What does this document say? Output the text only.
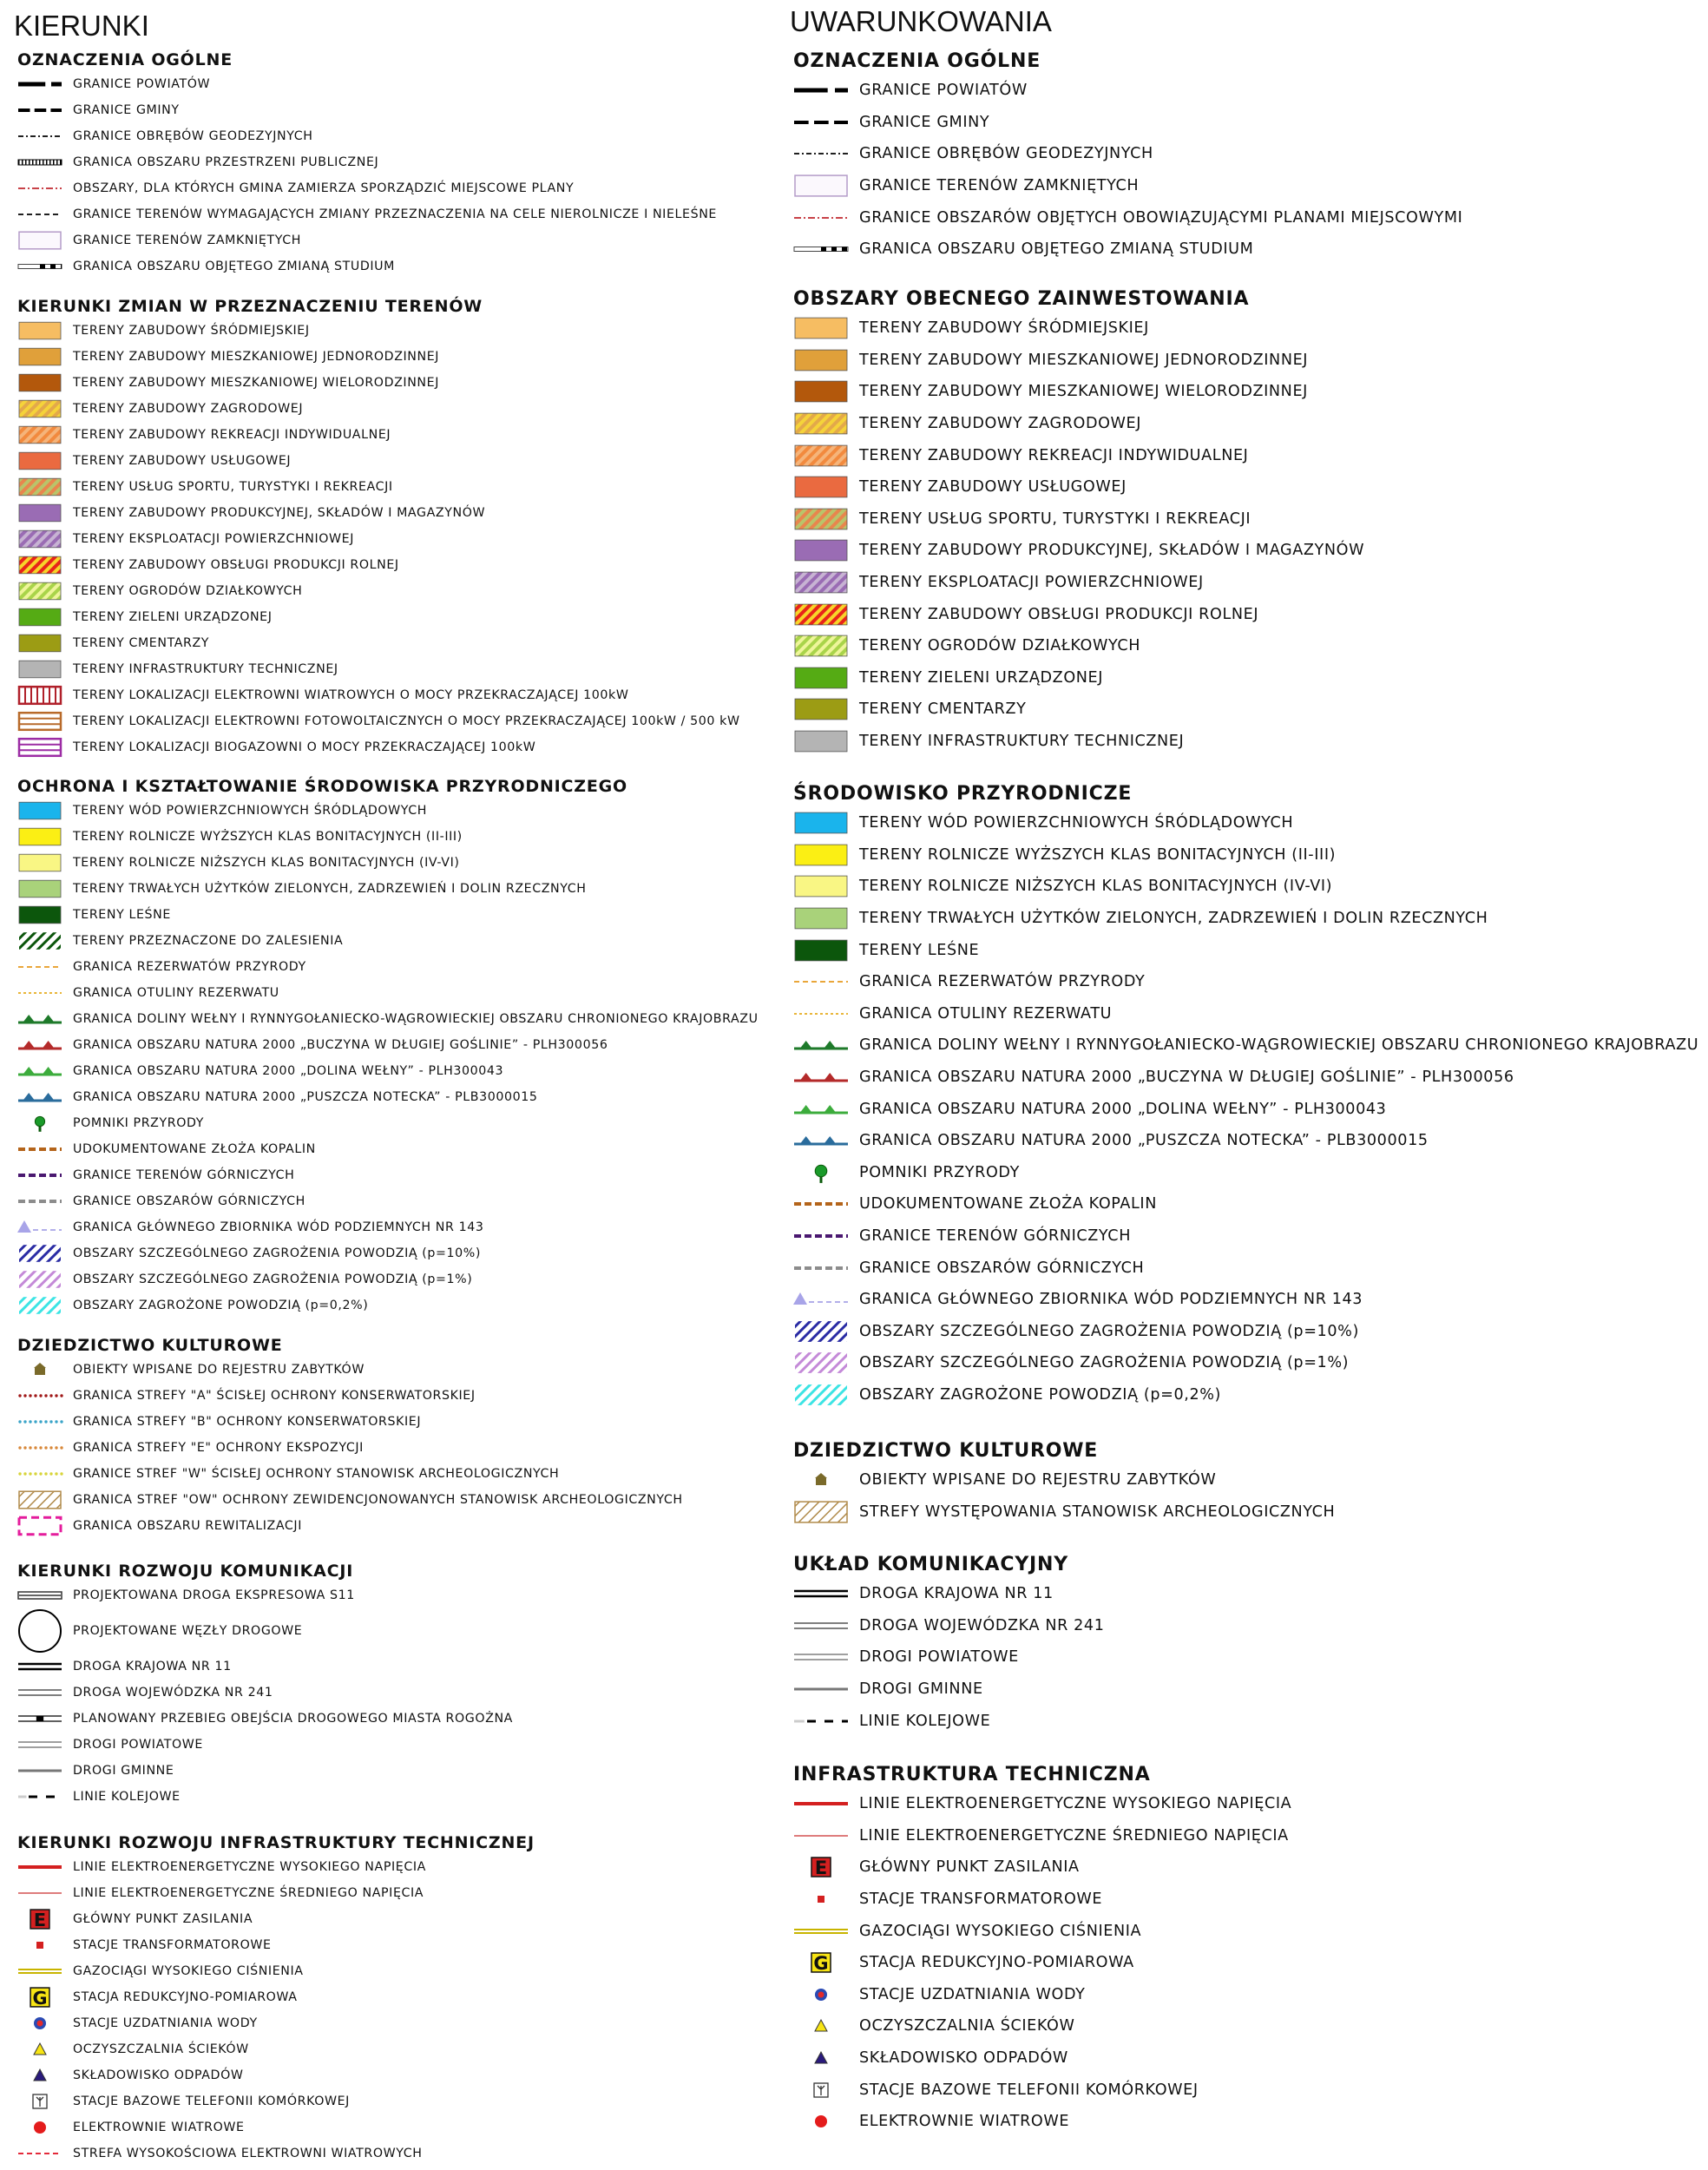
KIERUNKI
OZNACZENIA OGÓLNE
GRANICE POWIATÓW
GRANICE GMINY
GRANICE OBRĘBÓW GEODEZYJNYCH
GRANICA OBSZARU PRZESTRZENI PUBLICZNEJ
OBSZARY, DLA KTÓRYCH GMINA ZAMIERZA SPORZĄDZIĆ MIEJSCOWE PLANY
GRANICE TERENÓW WYMAGAJĄCYCH ZMIANY PRZEZNACZENIA NA CELE NIEROLNICZE I NIELEŚNE
GRANICE TERENÓW ZAMKNIĘTYCH
GRANICA OBSZARU OBJĘTEGO ZMIANĄ STUDIUM
KIERUNKI ZMIAN W PRZEZNACZENIU TERENÓW
TERENY ZABUDOWY ŚRÓDMIEJSKIEJ
TERENY ZABUDOWY MIESZKANIOWEJ JEDNORODZINNEJ
TERENY ZABUDOWY MIESZKANIOWEJ WIELORODZINNEJ
TERENY ZABUDOWY ZAGRODOWEJ
TERENY ZABUDOWY REKREACJI INDYWIDUALNEJ
TERENY ZABUDOWY USŁUGOWEJ
TERENY USŁUG SPORTU, TURYSTYKI I REKREACJI
TERENY ZABUDOWY PRODUKCYJNEJ, SKŁADÓW I MAGAZYNÓW
TERENY EKSPLOATACJI POWIERZCHNIOWEJ
TERENY ZABUDOWY OBSŁUGI PRODUKCJI ROLNEJ
TERENY OGRODÓW DZIAŁKOWYCH
TERENY ZIELENI URZĄDZONEJ
TERENY CMENTARZY
TERENY INFRASTRUKTURY TECHNICZNEJ
TERENY LOKALIZACJI ELEKTROWNI WIATROWYCH O MOCY PRZEKRACZAJĄCEJ 100kW
TERENY LOKALIZACJI ELEKTROWNI FOTOWOLTAICZNYCH O MOCY PRZEKRACZAJĄCEJ 100kW / 500 kW
TERENY LOKALIZACJI BIOGAZOWNI O MOCY PRZEKRACZAJĄCEJ 100kW
OCHRONA I KSZTAŁTOWANIE ŚRODOWISKA PRZYRODNICZEGO
TERENY WÓD POWIERZCHNIOWYCH ŚRÓDLĄDOWYCH
TERENY ROLNICZE WYŻSZYCH KLAS BONITACYJNYCH (II-III)
TERENY ROLNICZE NIŻSZYCH KLAS BONITACYJNYCH (IV-VI)
TERENY TRWAŁYCH UŻYTKÓW ZIELONYCH, ZADRZEWIEŃ I DOLIN RZECZNYCH
TERENY LEŚNE
TERENY PRZEZNACZONE DO ZALESIENIA
GRANICA REZERWATÓW PRZYRODY
GRANICA OTULINY REZERWATU
GRANICA DOLINY WEŁNY I RYNNYGOŁANIECKO-WĄGROWIECKIEJ OBSZARU CHRONIONEGO KRAJOBRAZU
GRANICA OBSZARU NATURA 2000 „BUCZYNA W DŁUGIEJ GOŚLINIE” - PLH300056
GRANICA OBSZARU NATURA 2000 „DOLINA WEŁNY” - PLH300043
GRANICA OBSZARU NATURA 2000 „PUSZCZA NOTECKA” - PLB3000015
POMNIKI PRZYRODY
UDOKUMENTOWANE ZŁOŻA KOPALIN
GRANICE TERENÓW GÓRNICZYCH
GRANICE OBSZARÓW GÓRNICZYCH
GRANICA GŁÓWNEGO ZBIORNIKA WÓD PODZIEMNYCH NR 143
OBSZARY SZCZEGÓLNEGO ZAGROŻENIA POWODZIĄ (p=10%)
OBSZARY SZCZEGÓLNEGO ZAGROŻENIA POWODZIĄ (p=1%)
OBSZARY ZAGROŻONE POWODZIĄ (p=0,2%)
DZIEDZICTWO KULTUROWE
OBIEKTY WPISANE DO REJESTRU ZABYTKÓW
GRANICA STREFY "A" ŚCISŁEJ OCHRONY KONSERWATORSKIEJ
GRANICA STREFY "B" OCHRONY KONSERWATORSKIEJ
GRANICA STREFY "E" OCHRONY EKSPOZYCJI
GRANICE STREF "W" ŚCISŁEJ OCHRONY STANOWISK ARCHEOLOGICZNYCH
GRANICA STREF "OW" OCHRONY ZEWIDENCJONOWANYCH STANOWISK ARCHEOLOGICZNYCH
GRANICA OBSZARU REWITALIZACJI
KIERUNKI ROZWOJU KOMUNIKACJI
PROJEKTOWANA DROGA EKSPRESOWA S11
PROJEKTOWANE WĘZŁY DROGOWE
DROGA KRAJOWA NR 11
DROGA WOJEWÓDZKA NR 241
PLANOWANY PRZEBIEG OBEJŚCIA DROGOWEGO MIASTA ROGOŻNA
DROGI POWIATOWE
DROGI GMINNE
LINIE KOLEJOWE
KIERUNKI ROZWOJU INFRASTRUKTURY TECHNICZNEJ
LINIE ELEKTROENERGETYCZNE WYSOKIEGO NAPIĘCIA
LINIE ELEKTROENERGETYCZNE ŚREDNIEGO NAPIĘCIA
E GŁÓWNY PUNKT ZASILANIA
STACJE TRANSFORMATOROWE
GAZOCIĄGI WYSOKIEGO CIŚNIENIA
G STACJA REDUKCYJNO-POMIAROWA
STACJE UZDATNIANIA WODY
OCZYSZCZALNIA ŚCIEKÓW
SKŁADOWISKO ODPADÓW
STACJE BAZOWE TELEFONII KOMÓRKOWEJ
ELEKTROWNIE WIATROWE
STREFA WYSOKOŚCIOWA ELEKTROWNI WIATROWYCH
UWARUNKOWANIA
OZNACZENIA OGÓLNE
GRANICE POWIATÓW
GRANICE GMINY
GRANICE OBRĘBÓW GEODEZYJNYCH
GRANICE TERENÓW ZAMKNIĘTYCH
GRANICE OBSZARÓW OBJĘTYCH OBOWIĄZUJĄCYMI PLANAMI MIEJSCOWYMI
GRANICA OBSZARU OBJĘTEGO ZMIANĄ STUDIUM
OBSZARY OBECNEGO ZAINWESTOWANIA
TERENY ZABUDOWY ŚRÓDMIEJSKIEJ
TERENY ZABUDOWY MIESZKANIOWEJ JEDNORODZINNEJ
TERENY ZABUDOWY MIESZKANIOWEJ WIELORODZINNEJ
TERENY ZABUDOWY ZAGRODOWEJ
TERENY ZABUDOWY REKREACJI INDYWIDUALNEJ
TERENY ZABUDOWY USŁUGOWEJ
TERENY USŁUG SPORTU, TURYSTYKI I REKREACJI
TERENY ZABUDOWY PRODUKCYJNEJ, SKŁADÓW I MAGAZYNÓW
TERENY EKSPLOATACJI POWIERZCHNIOWEJ
TERENY ZABUDOWY OBSŁUGI PRODUKCJI ROLNEJ
TERENY OGRODÓW DZIAŁKOWYCH
TERENY ZIELENI URZĄDZONEJ
TERENY CMENTARZY
TERENY INFRASTRUKTURY TECHNICZNEJ
ŚRODOWISKO PRZYRODNICZE
TERENY WÓD POWIERZCHNIOWYCH ŚRÓDLĄDOWYCH
TERENY ROLNICZE WYŻSZYCH KLAS BONITACYJNYCH (II-III)
TERENY ROLNICZE NIŻSZYCH KLAS BONITACYJNYCH (IV-VI)
TERENY TRWAŁYCH UŻYTKÓW ZIELONYCH, ZADRZEWIEŃ I DOLIN RZECZNYCH
TERENY LEŚNE
GRANICA REZERWATÓW PRZYRODY
GRANICA OTULINY REZERWATU
GRANICA DOLINY WEŁNY I RYNNYGOŁANIECKO-WĄGROWIECKIEJ OBSZARU CHRONIONEGO KRAJOBRAZU
GRANICA OBSZARU NATURA 2000 „BUCZYNA W DŁUGIEJ GOŚLINIE” - PLH300056
GRANICA OBSZARU NATURA 2000 „DOLINA WEŁNY” - PLH300043
GRANICA OBSZARU NATURA 2000 „PUSZCZA NOTECKA” - PLB3000015
POMNIKI PRZYRODY
UDOKUMENTOWANE ZŁOŻA KOPALIN
GRANICE TERENÓW GÓRNICZYCH
GRANICE OBSZARÓW GÓRNICZYCH
GRANICA GŁÓWNEGO ZBIORNIKA WÓD PODZIEMNYCH NR 143
OBSZARY SZCZEGÓLNEGO ZAGROŻENIA POWODZIĄ (p=10%)
OBSZARY SZCZEGÓLNEGO ZAGROŻENIA POWODZIĄ (p=1%)
OBSZARY ZAGROŻONE POWODZIĄ (p=0,2%)
DZIEDZICTWO KULTUROWE
OBIEKTY WPISANE DO REJESTRU ZABYTKÓW
STREFY WYSTĘPOWANIA STANOWISK ARCHEOLOGICZNYCH
UKŁAD KOMUNIKACYJNY
DROGA KRAJOWA NR 11
DROGA WOJEWÓDZKA NR 241
DROGI POWIATOWE
DROGI GMINNE
LINIE KOLEJOWE
INFRASTRUKTURA TECHNICZNA
LINIE ELEKTROENERGETYCZNE WYSOKIEGO NAPIĘCIA
LINIE ELEKTROENERGETYCZNE ŚREDNIEGO NAPIĘCIA
E GŁÓWNY PUNKT ZASILANIA
STACJE TRANSFORMATOROWE
GAZOCIĄGI WYSOKIEGO CIŚNIENIA
G STACJA REDUKCYJNO-POMIAROWA
STACJE UZDATNIANIA WODY
OCZYSZCZALNIA ŚCIEKÓW
SKŁADOWISKO ODPADÓW
STACJE BAZOWE TELEFONII KOMÓRKOWEJ
ELEKTROWNIE WIATROWE
